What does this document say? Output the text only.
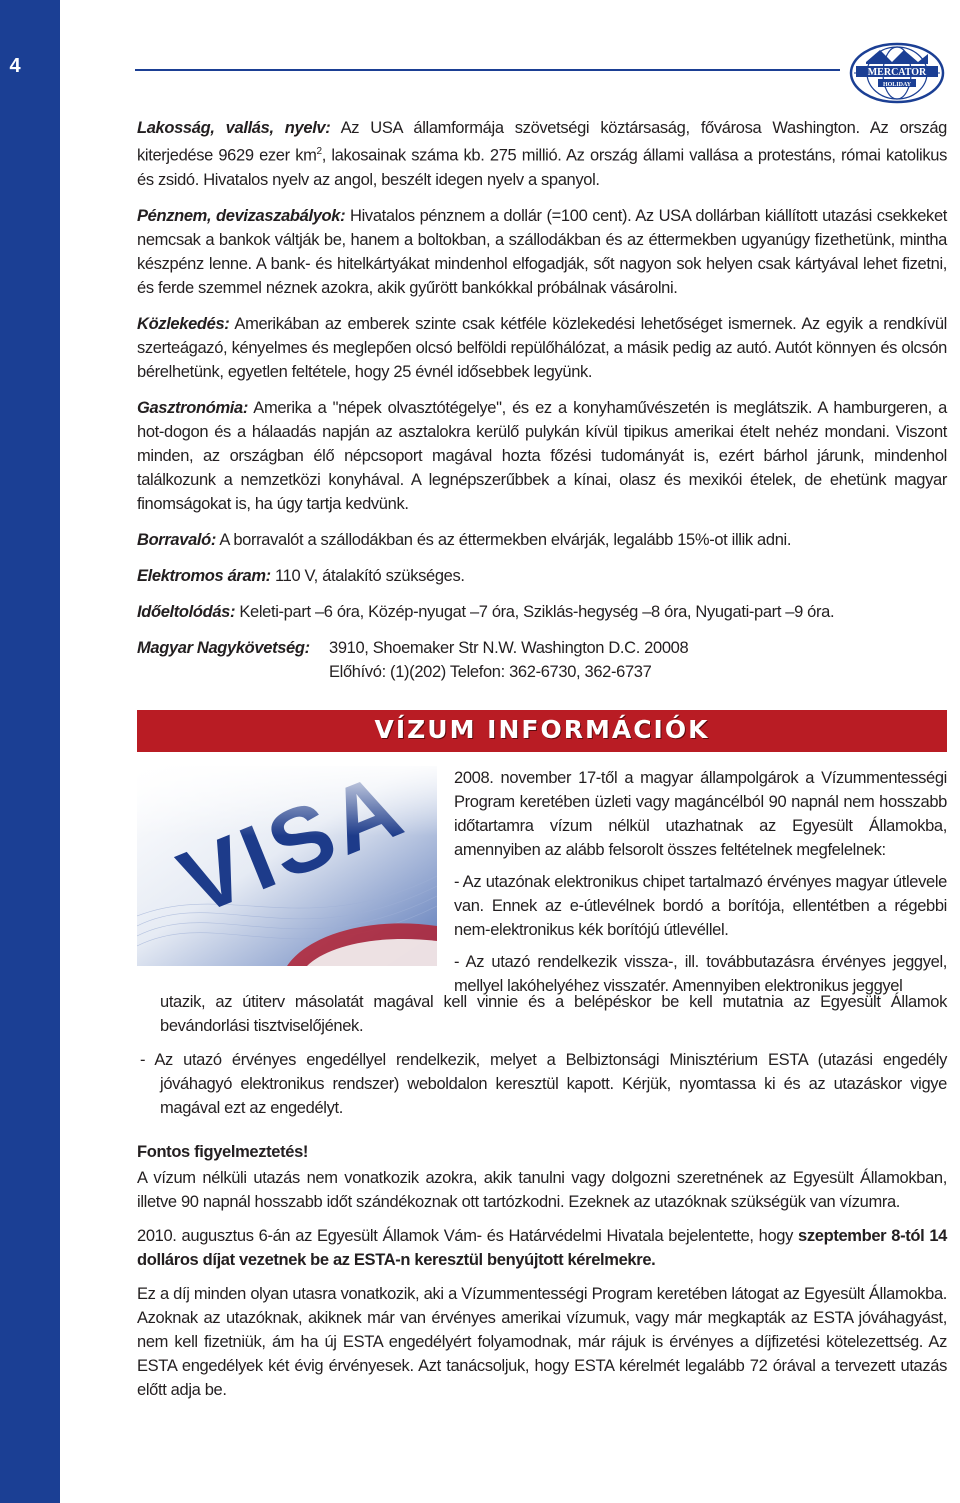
4	MERCATOR
HOLIDAY

Lakosság, vallás, nyelv: Az USA államformája szövetségi köztársaság, fővárosa Washington. Az ország kiterjedése 9629 ezer $km^2$, lakosainak száma kb. 275 millió. Az ország állami vallása a protestáns, római katolikus és zsidó. Hivatalos nyelv az angol, beszélt idegen nyelv a spanyol.

Pénznem, devizaszabályok: Hivatalos pénznem a dollár (=100 cent). Az USA dollárban kiállított utazási csekkeket nemcsak a bankok váltják be, hanem a boltokban, a szállodákban és az éttermekben ugyanúgy fizethetünk, mintha készpénz lenne. A bank- és hitelkártyákat mindenhol elfogadják, sőt nagyon sok helyen csak kártyával lehet fizetni, és ferde szemmel néznek azokra, akik gyűrött bankókkal próbálnak vásárolni.

Közlekedés: Amerikában az emberek szinte csak kétféle közlekedési lehetőséget ismernek. Az egyik a rendkívül szerteágazó, kényelmes és meglepően olcsó belföldi repülőhálózat, a másik pedig az autó. Autót könnyen és olcsón bérelhetünk, egyetlen feltétele, hogy 25 évnél idősebbek legyünk.

Gasztronómia: Amerika a "népek olvasztótégelye", és ez a konyhaművészetén is meglátszik. A hamburgeren, a hot-dogon és a hálaadás napján az asztalokra kerülő pulykán kívül tipikus amerikai ételt nehéz mondani. Viszont minden, az országban élő népcsoport magával hozta főzési tudományát is, ezért bárhol járunk, mindenhol találkozunk a nemzetközi konyhával. A legnépszerűbbek a kínai, olasz és mexikói ételek, de ehetünk magyar finomságokat is, ha úgy tartja kedvünk.

Borravaló: A borravalót a szállodákban és az éttermekben elvárják, legalább 15%-ot illik adni.

Elektromos áram: 110 V, átalakító szükséges.

Időeltolódás: Keleti-part –6 óra, Közép-nyugat –7 óra, Sziklás-hegység –8 óra, Nyugati-part –9 óra.

Magyar Nagykövetség:	3910, Shoemaker Str N.W. Washington D.C. 20008
Előhívó: (1)(202) Telefon: 362-6730, 362-6737
VÍZUM INFORMÁCIÓK

2008. november 17-től a magyar állampolgárok a Vízummentességi Program keretében üzleti vagy magáncélból 90 napnál nem hosszabb időtartamra vízum nélkül utazhatnak az Egyesült Államokba, amennyiben az alább felsorolt összes feltételnek megfelelnek:

- Az utazónak elektronikus chipet tartalmazó érvényes magyar útlevele van. Ennek az e-útlevélnek bordó a borítója, ellentétben a régebbi nem-elektronikus kék borítójú útlevéllel.

- Az utazó rendelkezik vissza-, ill. továbbutazásra érvényes jeggyel, mellyel lakóhelyéhez visszatér. Amennyiben elektronikus jeggyel

utazik, az útiterv másolatát magával kell vinnie és a belépéskor be kell mutatnia az Egyesült Államok bevándorlási tisztviselőjének.

- Az utazó érvényes engedéllyel rendelkezik, melyet a Belbiztonsági Minisztérium ESTA (utazási engedély jóváhagyó elektronikus rendszer) weboldalon keresztül kapott. Kérjük, nyomtassa ki és az utazáskor vigye magával ezt az engedélyt.

Fontos figyelmeztetés!

A vízum nélküli utazás nem vonatkozik azokra, akik tanulni vagy dolgozni szeretnének az Egyesült Államokban, illetve 90 napnál hosszabb időt szándékoznak ott tartózkodni. Ezeknek az utazóknak szükségük van vízumra.

2010. augusztus 6-án az Egyesült Államok Vám- és Határvédelmi Hivatala bejelentette, hogy szeptember 8-tól 14 dolláros díjat vezetnek be az ESTA-n keresztül benyújtott kérelmekre.

Ez a díj minden olyan utasra vonatkozik, aki a Vízummentességi Program keretében látogat az Egyesült Államokba. Azoknak az utazóknak, akiknek már van érvényes amerikai vízumuk, vagy már megkapták az ESTA jóváhagyást, nem kell fizetniük, ám ha új ESTA engedélyért folyamodnak, már rájuk is érvényes a díjfizetési kötelezettség. Az ESTA engedélyek két évig érvényesek. Azt tanácsoljuk, hogy ESTA kérelmét legalább 72 órával a tervezett utazás előtt adja be.
